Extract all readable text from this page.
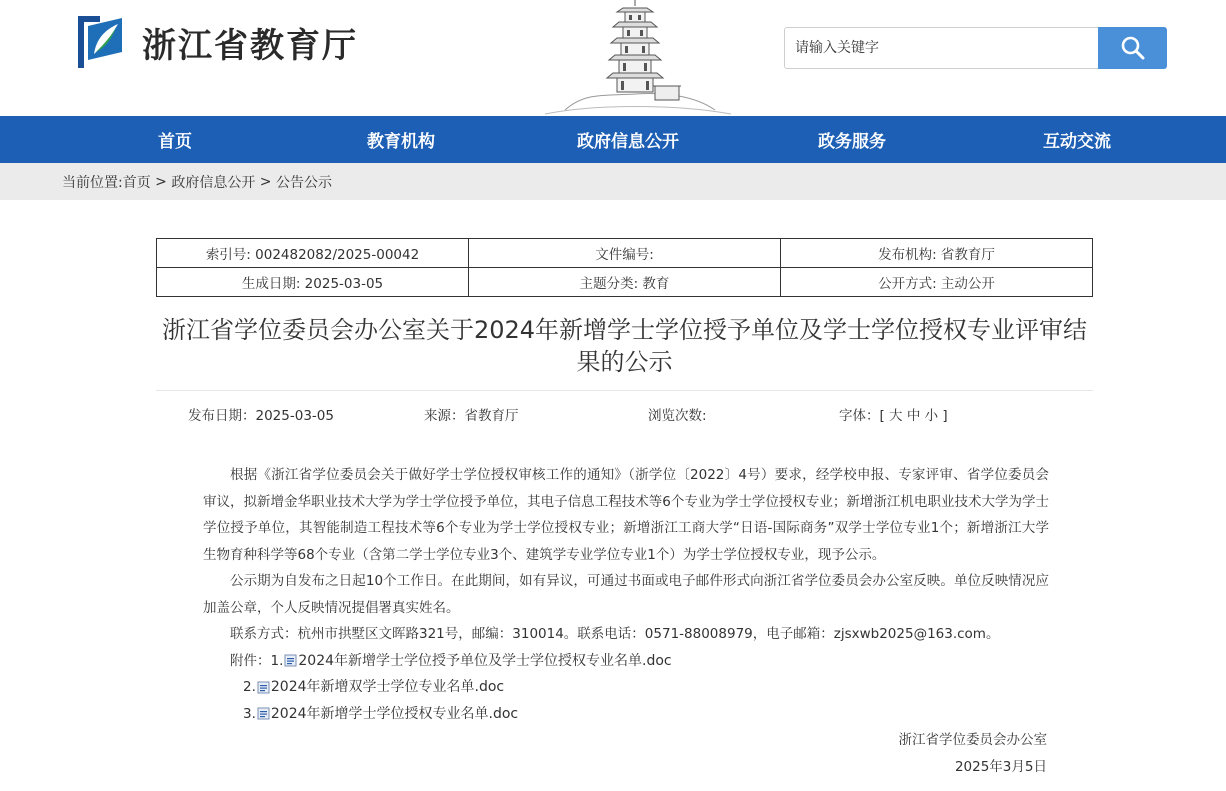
浙江省教育厅
请输入关键字
首页	教育机构	政府信息公开	政务服务	互动交流
当前位置: 首页 > 政府信息公开 > 公告公示
索引号: 002482082/2025-00042	文件编号:	发布机构: 省教育厅
生成日期: 2025-03-05	主题分类: 教育	公开方式: 主动公开
浙江省学位委员会办公室关于2024年新增学士学位授予单位及学士学位授权专业评审结果的公示
发布日期：2025-03-05	来源：省教育厅	浏览次数:	字体：[ 大 中 小 ]

根据《浙江省学位委员会关于做好学士学位授权审核工作的通知》（浙学位〔2022〕4号）要求，经学校申报、专家评审、省学位委员会审议，拟新增金华职业技术大学为学士学位授予单位，其电子信息工程技术等6个专业为学士学位授权专业；新增浙江机电职业技术大学为学士学位授予单位，其智能制造工程技术等6个专业为学士学位授权专业；新增浙江工商大学“日语-国际商务”双学士学位专业1个；新增浙江大学生物育种科学等68个专业（含第二学士学位专业3个、建筑学专业学位专业1个）为学士学位授权专业，现予公示。

公示期为自发布之日起10个工作日。在此期间，如有异议，可通过书面或电子邮件形式向浙江省学位委员会办公室反映。单位反映情况应加盖公章，个人反映情况提倡署真实姓名。

联系方式：杭州市拱墅区文晖路321号，邮编：310014。联系电话：0571-88008979，电子邮箱：zjsxwb2025@163.com。

附件： 1. 2024年新增学士学位授予单位及学士学位授权专业名单.doc
2. 2024年新增双学士学位专业名单.doc
3. 2024年新增学士学位授权专业名单.doc

浙江省学位委员会办公室

2025年3月5日
